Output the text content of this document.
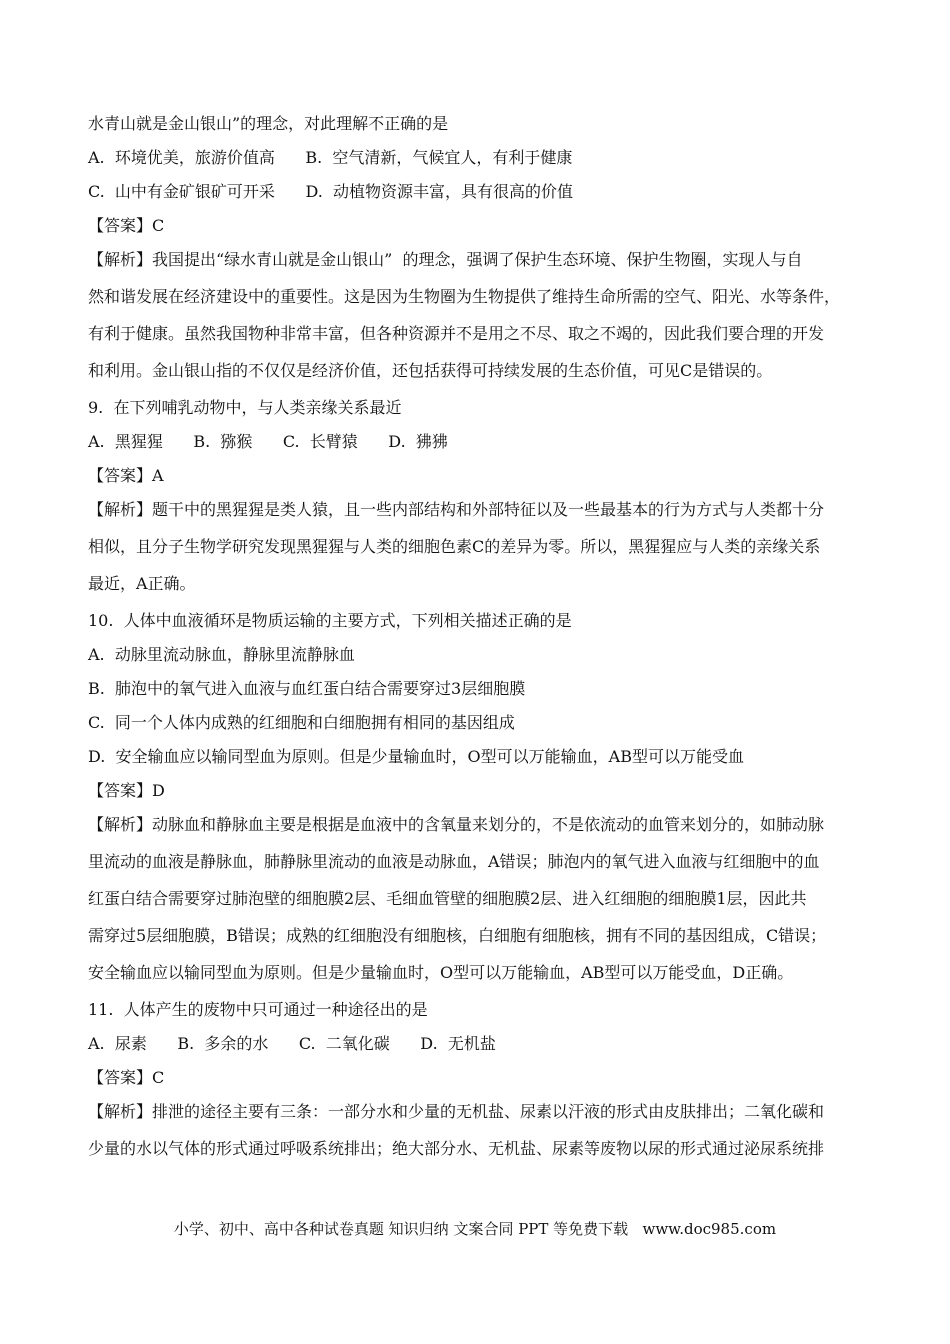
水青山就是金山银山”的理念，对此理解不正确的是
A.  环境优美，旅游价值高      B.  空气清新，气候宜人，有利于健康
C.  山中有金矿银矿可开采      D.  动植物资源丰富，具有很高的价值
【答案】C
【解析】我国提出“绿水青山就是金山银山”  的理念，强调了保护生态环境、保护生物圈，实现人与自
然和谐发展在经济建设中的重要性。这是因为生物圈为生物提供了维持生命所需的空气、阳光、水等条件，
有利于健康。虽然我国物种非常丰富，但各种资源并不是用之不尽、取之不竭的，因此我们要合理的开发
和利用。金山银山指的不仅仅是经济价值，还包括获得可持续发展的生态价值，可见C是错误的。
9.  在下列哺乳动物中，与人类亲缘关系最近
A.  黑猩猩      B.  猕猴      C.  长臂猿      D.  狒狒
【答案】A
【解析】题干中的黑猩猩是类人猿，且一些内部结构和外部特征以及一些最基本的行为方式与人类都十分
相似，且分子生物学研究发现黑猩猩与人类的细胞色素C的差异为零。所以，黑猩猩应与人类的亲缘关系
最近，A正确。
10.  人体中血液循环是物质运输的主要方式，下列相关描述正确的是
A.  动脉里流动脉血，静脉里流静脉血
B.  肺泡中的氧气进入血液与血红蛋白结合需要穿过3层细胞膜
C.  同一个人体内成熟的红细胞和白细胞拥有相同的基因组成
D.  安全输血应以输同型血为原则。但是少量输血时，O型可以万能输血，AB型可以万能受血
【答案】D
【解析】动脉血和静脉血主要是根据是血液中的含氧量来划分的，不是依流动的血管来划分的，如肺动脉
里流动的血液是静脉血，肺静脉里流动的血液是动脉血，A错误；肺泡内的氧气进入血液与红细胞中的血
红蛋白结合需要穿过肺泡壁的细胞膜2层、毛细血管壁的细胞膜2层、进入红细胞的细胞膜1层，因此共
需穿过5层细胞膜，B错误；成熟的红细胞没有细胞核，白细胞有细胞核，拥有不同的基因组成，C错误；
安全输血应以输同型血为原则。但是少量输血时，O型可以万能输血，AB型可以万能受血，D正确。
11.  人体产生的废物中只可通过一种途径出的是
A.  尿素      B.  多余的水      C.  二氧化碳      D.  无机盐
【答案】C
【解析】排泄的途径主要有三条：一部分水和少量的无机盐、尿素以汗液的形式由皮肤排出；二氧化碳和
少量的水以气体的形式通过呼吸系统排出；绝大部分水、无机盐、尿素等废物以尿的形式通过泌尿系统排
小学、初中、高中各种试卷真题 知识归纳 文案合同 PPT 等免费下载   www.doc985.com
